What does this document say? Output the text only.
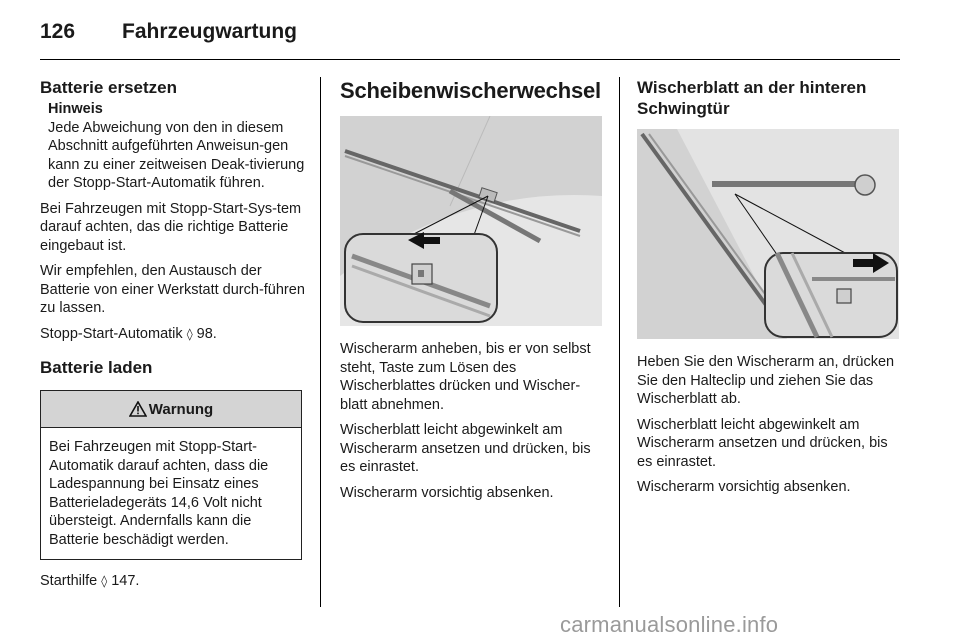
126 Fahrzeugwartung
Batterie ersetzen
Hinweis

Jede Abweichung von den in diesem Abschnitt aufgeführten Anweisun-gen kann zu einer zeitweisen Deak-tivierung der Stopp-Start-Automatik führen.

Bei Fahrzeugen mit Stopp-Start-Sys-tem darauf achten, das die richtige Batterie eingebaut ist.

Wir empfehlen, den Austausch der Batterie von einer Werkstatt durch-führen zu lassen.

Stopp-Start-Automatik ◊ 98.

Batterie laden
Warnung

Bei Fahrzeugen mit Stopp-Start-Automatik darauf achten, dass die Ladespannung bei Einsatz eines Batterieladegeräts 14,6 Volt nicht übersteigt. Andernfalls kann die Batterie beschädigt werden.

Starthilfe ◊ 147.

Scheibenwischerwechsel

Wischerarm anheben, bis er von selbst steht, Taste zum Lösen des Wischerblattes drücken und Wischer-blatt abnehmen.

Wischerblatt leicht abgewinkelt am Wischerarm ansetzen und drücken, bis es einrastet.

Wischerarm vorsichtig absenken.

Wischerblatt an der hinteren Schwingtür

Heben Sie den Wischerarm an, drücken Sie den Halteclip und ziehen Sie das Wischerblatt ab.

Wischerblatt leicht abgewinkelt am Wischerarm ansetzen und drücken, bis es einrastet.

Wischerarm vorsichtig absenken.

carmanualsonline.info
